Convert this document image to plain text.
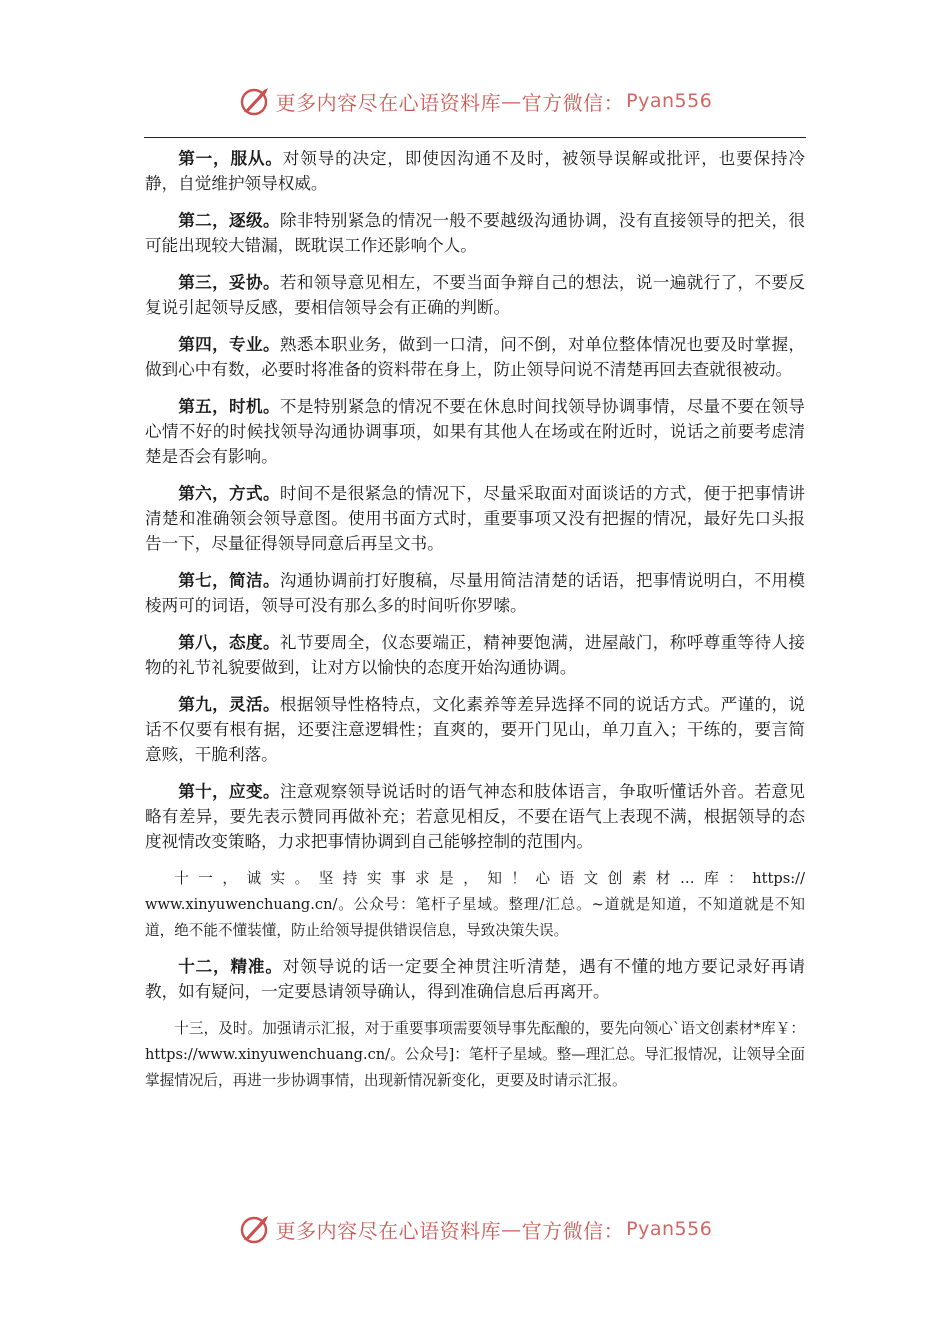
更多内容尽在心语资料库 — 官方微信： Pyan556

第一，服从。对领导的决定，即使因沟通不及时，被领导误解或批评，也要保持冷静，自觉维护领导权威。

第二，逐级。除非特别紧急的情况一般不要越级沟通协调，没有直接领导的把关，很可能出现较大错漏，既耽误工作还影响个人。

第三，妥协。若和领导意见相左，不要当面争辩自己的想法，说一遍就行了，不要反复说引起领导反感，要相信领导会有正确的判断。

第四，专业。熟悉本职业务，做到一口清，问不倒，对单位整体情况也要及时掌握，做到心中有数，必要时将准备的资料带在身上，防止领导问说不清楚再回去查就很被动。

第五，时机。不是特别紧急的情况不要在休息时间找领导协调事情，尽量不要在领导心情不好的时候找领导沟通协调事项，如果有其他人在场或在附近时，说话之前要考虑清楚是否会有影响。

第六，方式。时间不是很紧急的情况下，尽量采取面对面谈话的方式，便于把事情讲清楚和准确领会领导意图。使用书面方式时，重要事项又没有把握的情况，最好先口头报告一下，尽量征得领导同意后再呈文书。

第七，简洁。沟通协调前打好腹稿，尽量用简洁清楚的话语，把事情说明白，不用模棱两可的词语，领导可没有那么多的时间听你罗嗦。

第八，态度。礼节要周全，仪态要端正，精神要饱满，进屋敲门，称呼尊重等待人接物的礼节礼貌要做到，让对方以愉快的态度开始沟通协调。

第九，灵活。根据领导性格特点，文化素养等差异选择不同的说话方式。严谨的，说话不仅要有根有据，还要注意逻辑性；直爽的，要开门见山，单刀直入；干练的，要言简意赅，干脆利落。

第十，应变。注意观察领导说话时的语气神态和肢体语言，争取听懂话外音。若意见略有差异，要先表示赞同再做补充；若意见相反，不要在语气上表现不满，根据领导的态度视情改变策略，力求把事情协调到自己能够控制的范围内。

十一，诚实。坚持实事求是，知！心语文创素材…库：https://www.xinyuwenchuang.cn/。公众号：笔杆子星域。整理/汇总。~道就是知道，不知道就是不知道，绝不能不懂装懂，防止给领导提供错误信息，导致决策失误。

十二，精准。对领导说的话一定要全神贯注听清楚，遇有不懂的地方要记录好再请教，如有疑问，一定要恳请领导确认，得到准确信息后再离开。

十三，及时。加强请示汇报，对于重要事项需要领导事先酝酿的，要先向领心`语文创素材*库￥：https://www.xinyuwenchuang.cn/。公众号]：笔杆子星域。整—理汇总。导汇报情况，让领导全面掌握情况后，再进一步协调事情，出现新情况新变化，更要及时请示汇报。

更多内容尽在心语资料库 — 官方微信： Pyan556
